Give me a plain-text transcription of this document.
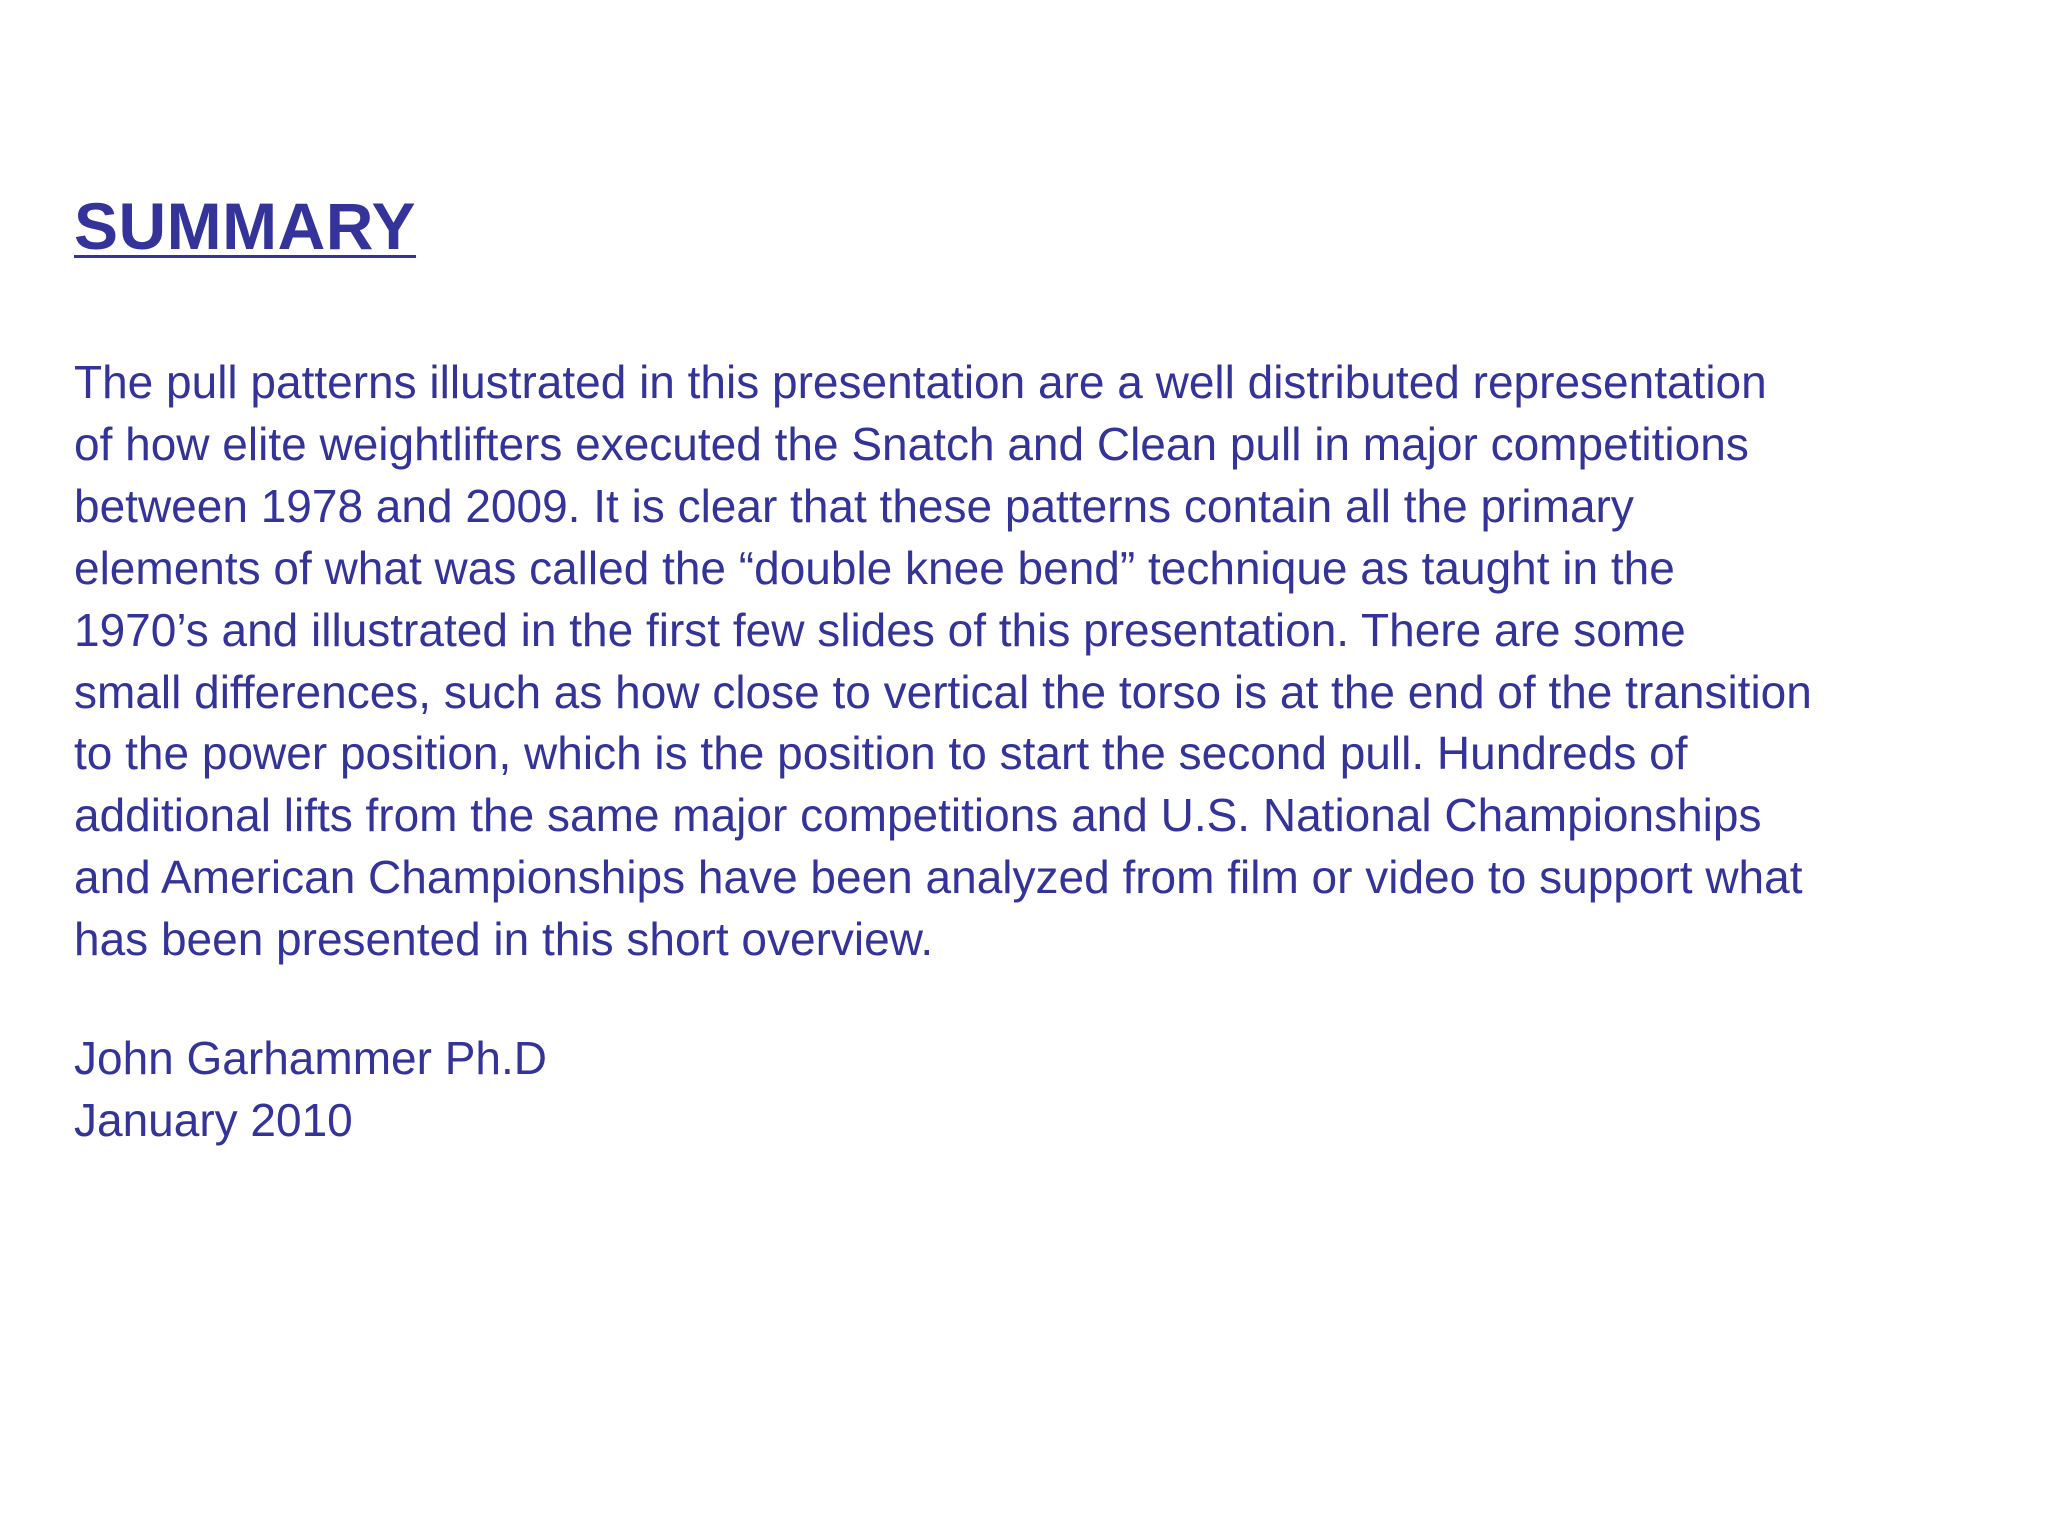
SUMMARY
The pull patterns illustrated in this presentation are a well distributed representation
of how elite weightlifters executed the Snatch and Clean pull in major competitions
between 1978 and 2009. It is clear that these patterns contain all the primary
elements of what was called the “double knee bend” technique as taught in the
1970’s and illustrated in the first few slides of this presentation. There are some
small differences, such as how close to vertical the torso is at the end of the transition
to the power position, which is the position to start the second pull. Hundreds of
additional lifts from the same major competitions and U.S. National Championships
and American Championships have been analyzed from film or video to support what
has been presented in this short overview.
John Garhammer Ph.D
January 2010
